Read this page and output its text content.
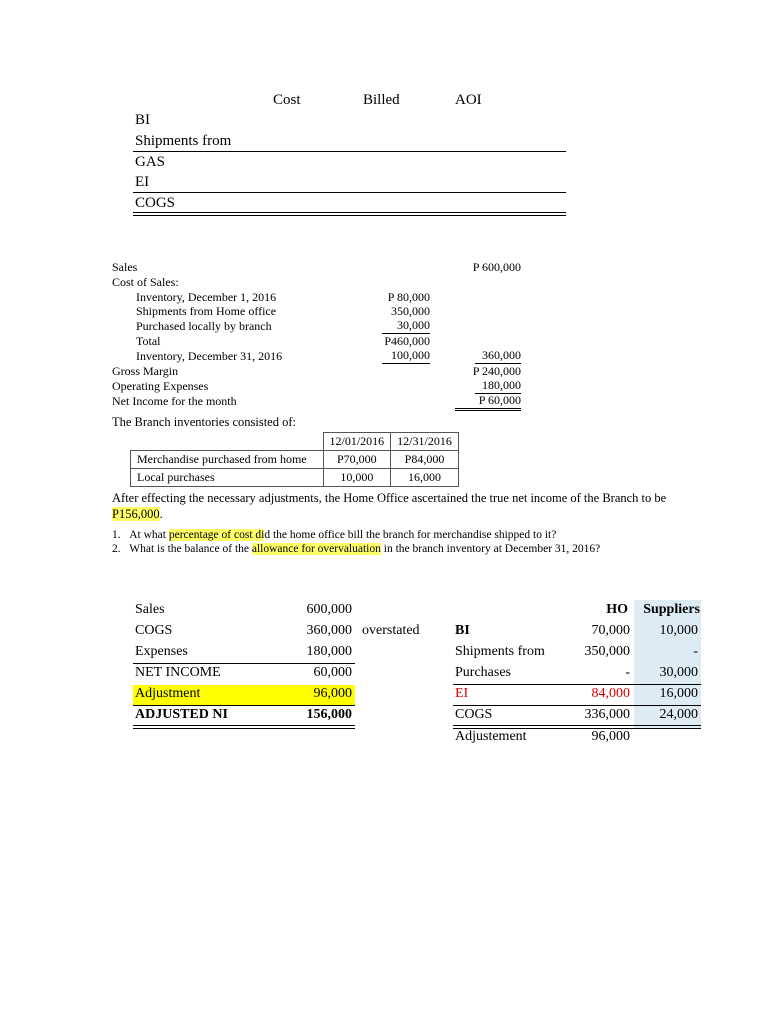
Cost	Billed	AOI
BI
Shipments from
GAS
EI
COGS
Sales	P 600,000
Cost of Sales:
Inventory, December 1, 2016	P 80,000
Shipments from Home office	350,000
Purchased locally by branch	30,000
Total	P460,000
Inventory, December 31, 2016	100,000	360,000
Gross Margin	P 240,000
Operating Expenses	180,000
Net Income for the month	P 60,000
The Branch inventories consisted of:
	12/01/2016	12/31/2016
Merchandise purchased from home	P70,000	P84,000
Local purchases	10,000	16,000
After effecting the necessary adjustments, the Home Office ascertained the true net income of the Branch to be
P156,000.
1. At what percentage of cost did the home office bill the branch for merchandise shipped to it?
2. What is the balance of the allowance for overvaluation in the branch inventory at December 31, 2016?
Sales	600,000
COGS	360,000 overstated
Expenses	180,000
NET INCOME	60,000
Adjustment	96,000
ADJUSTED NI	156,000
HO	Suppliers
BI	70,000	10,000
Shipments from	350,000	-
Purchases	-	30,000
EI	84,000	16,000
COGS	336,000	24,000
Adjustement	96,000
